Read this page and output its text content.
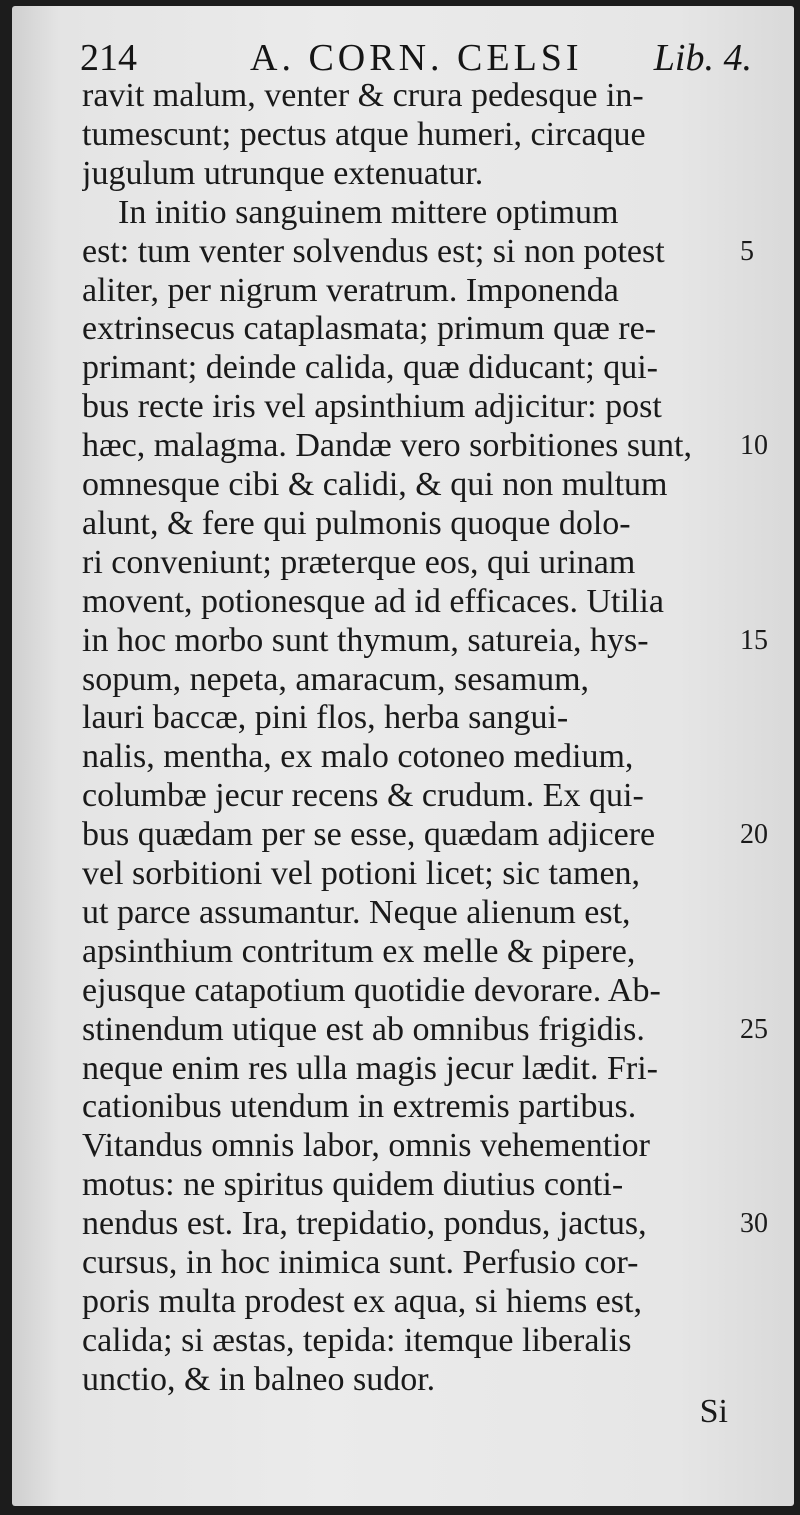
214	A. CORN. CELSI Lib. 4.
ravit malum, venter & crura pedesque in-
tumescunt; pectus atque humeri, circaque
jugulum utrunque extenuatur.
In initio sanguinem mittere optimum
est: tum venter solvendus est; si non potest	5
aliter, per nigrum veratrum. Imponenda
extrinsecus cataplasmata; primum quæ re-
primant; deinde calida, quæ diducant; qui-
bus recte iris vel apsinthium adjicitur: post
hæc, malagma. Dandæ vero sorbitiones sunt,	10
omnesque cibi & calidi, & qui non multum
alunt, & fere qui pulmonis quoque dolo-
ri conveniunt; præterque eos, qui urinam
movent, potionesque ad id efficaces. Utilia
in hoc morbo sunt thymum, satureia, hys-	15
sopum, nepeta, amaracum, sesamum,
lauri baccæ, pini flos, herba sangui-
nalis, mentha, ex malo cotoneo medium,
columbæ jecur recens & crudum. Ex qui-
bus quædam per se esse, quædam adjicere	20
vel sorbitioni vel potioni licet; sic tamen,
ut parce assumantur. Neque alienum est,
apsinthium contritum ex melle & pipere,
ejusque catapotium quotidie devorare. Ab-
stinendum utique est ab omnibus frigidis.	25
neque enim res ulla magis jecur lædit. Fri-
cationibus utendum in extremis partibus.
Vitandus omnis labor, omnis vehementior
motus: ne spiritus quidem diutius conti-
nendus est. Ira, trepidatio, pondus, jactus,	30
cursus, in hoc inimica sunt. Perfusio cor-
poris multa prodest ex aqua, si hiems est,
calida; si æstas, tepida: itemque liberalis
unctio, & in balneo sudor.
Si
